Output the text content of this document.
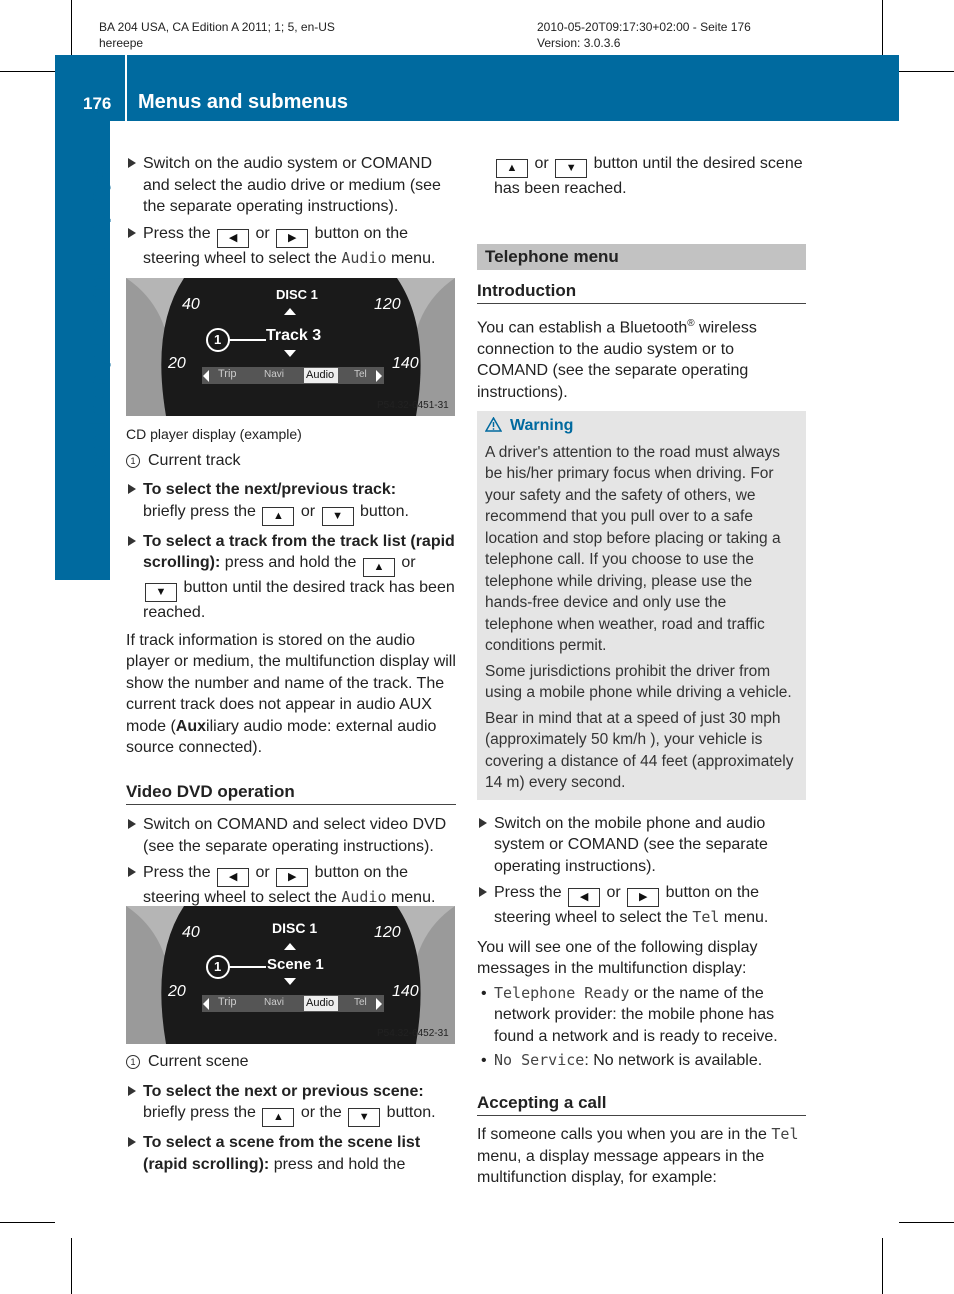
BA 204 USA, CA Edition A 2011; 1; 5, en-US
hereepe
2010-05-20T09:17:30+02:00 - Seite 176
Version: 3.0.3.6
176 Menus and submenus
On-board computer and displays
Switch on the audio system or COMAND and select the audio drive or medium (see the separate operating instructions).
Press the ◀ or ▶ button on the steering wheel to select the Audio menu.
DISC 1
1	Track 3
40	120
20	140
Trip	Navi Audio Tel
P54.32-6451-31
CD player display (example)
1 Current track
To select the next/previous track:
briefly press the ▲ or ▼ button.
To select a track from the track list (rapid scrolling): press and hold the ▲ or ▼ button until the desired track has been reached.

If track information is stored on the audio player or medium, the multifunction display will show the number and name of the track. The current track does not appear in audio AUX mode (Auxiliary audio mode: external audio source connected).

Video DVD operation
Switch on COMAND and select video DVD (see the separate operating instructions).
Press the ◀ or ▶ button on the steering wheel to select the Audio menu.
DISC 1
1	Scene 1
40	120
20	140
Trip	Navi Audio Tel
P54.32-6452-31
1 Current scene
To select the next or previous scene:
briefly press the ▲ or the ▼ button.
To select a scene from the scene list (rapid scrolling): press and hold the
▲ or ▼ button until the desired scene has been reached.
Telephone menu
Introduction

You can establish a Bluetooth® wireless connection to the audio system or to COMAND (see the separate operating instructions).

Warning

A driver's attention to the road must always be his/her primary focus when driving. For your safety and the safety of others, we recommend that you pull over to a safe location and stop before placing or taking a telephone call. If you choose to use the telephone while driving, please use the hands-free device and only use the telephone when weather, road and traffic conditions permit.

Some jurisdictions prohibit the driver from using a mobile phone while driving a vehicle.

Bear in mind that at a speed of just 30 mph (approximately 50 km/h ), your vehicle is covering a distance of 44 feet (approximately 14 m) every second.

Switch on the mobile phone and audio system or COMAND (see the separate operating instructions).
Press the ◀ or ▶ button on the steering wheel to select the Tel menu.

You will see one of the following display messages in the multifunction display:

• Telephone Ready or the name of the network provider: the mobile phone has found a network and is ready to receive.
• No Service: No network is available.
Accepting a call

If someone calls you when you are in the Tel menu, a display message appears in the multifunction display, for example:
